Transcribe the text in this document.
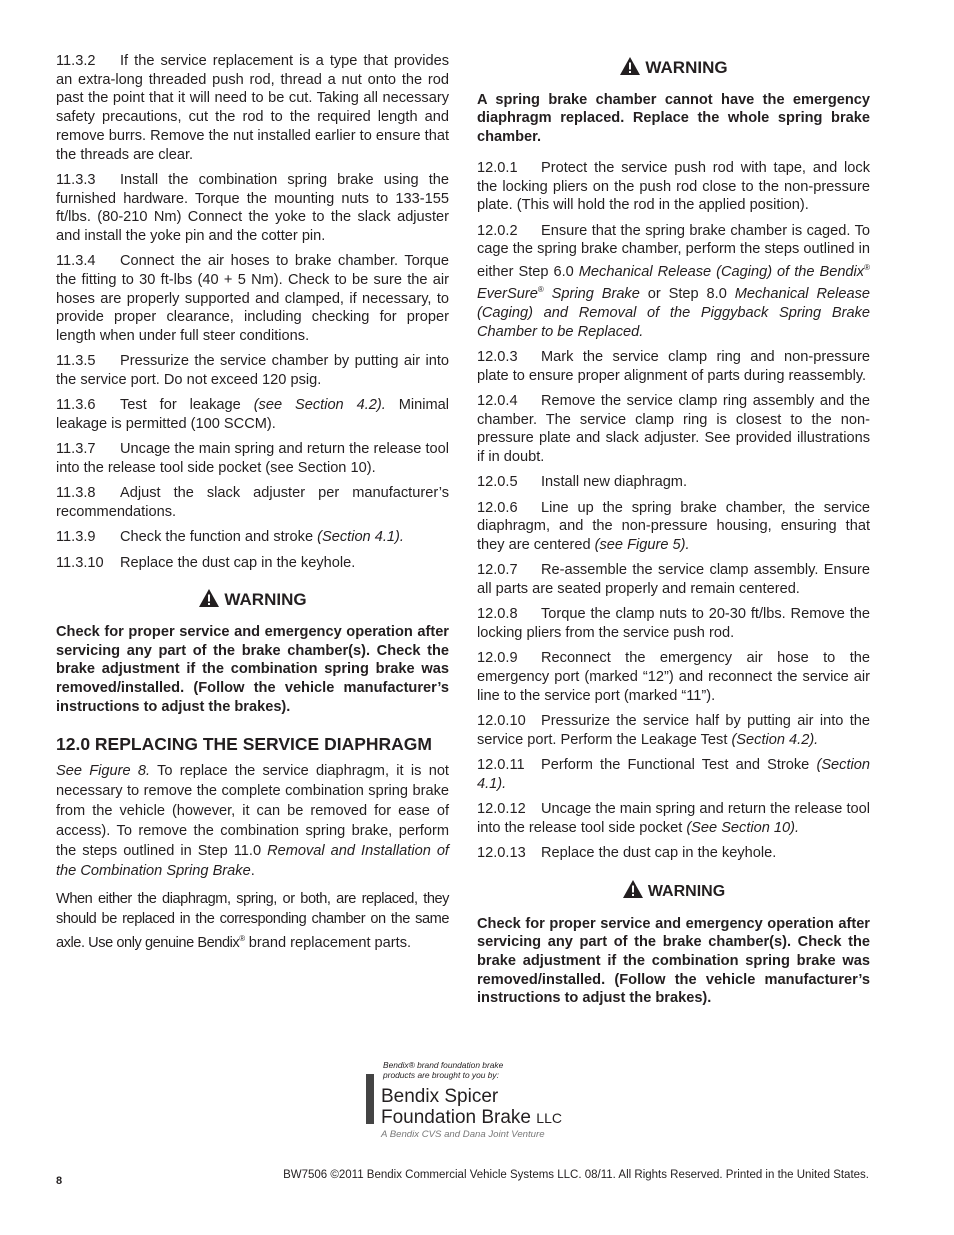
11.3.2 If the service replacement is a type that provides an extra-long threaded push rod, thread a nut onto the rod past the point that it will need to be cut. Taking all necessary safety precautions, cut the rod to the required length and remove burrs. Remove the nut installed earlier to ensure that the threads are clear.

11.3.3 Install the combination spring brake using the furnished hardware. Torque the mounting nuts to 133-155 ft/lbs. (80-210 Nm) Connect the yoke to the slack adjuster and install the yoke pin and the cotter pin.

11.3.4 Connect the air hoses to brake chamber. Torque the fitting to 30 ft-lbs (40 + 5 Nm). Check to be sure the air hoses are properly supported and clamped, if necessary, to provide proper clearance, including checking for proper length when under full steer conditions.

11.3.5 Pressurize the service chamber by putting air into the service port. Do not exceed 120 psig.

11.3.6 Test for leakage (see Section 4.2). Minimal leakage is permitted (100 SCCM).

11.3.7 Uncage the main spring and return the release tool into the release tool side pocket (see Section 10).

11.3.8 Adjust the slack adjuster per manufacturer’s recommendations.

11.3.9 Check the function and stroke (Section 4.1).

11.3.10 Replace the dust cap in the keyhole.

WARNING

Check for proper service and emergency operation after servicing any part of the brake chamber(s). Check the brake adjustment if the combination spring brake was removed/installed. (Follow the vehicle manufacturer’s instructions to adjust the brakes).

12.0 REPLACING THE SERVICE DIAPHRAGM

See Figure 8. To replace the service diaphragm, it is not necessary to remove the complete combination spring brake from the vehicle (however, it can be removed for ease of access). To remove the combination spring brake, perform the steps outlined in Step 11.0 Removal and Installation of the Combination Spring Brake.

When either the diaphragm, spring, or both, are replaced, they should be replaced in the corresponding chamber on the same axle. Use only genuine Bendix® brand replacement parts.

WARNING

A spring brake chamber cannot have the emergency diaphragm replaced. Replace the whole spring brake chamber.

12.0.1 Protect the service push rod with tape, and lock the locking pliers on the push rod close to the non-pressure plate. (This will hold the rod in the applied position).

12.0.2 Ensure that the spring brake chamber is caged. To cage the spring brake chamber, perform the steps outlined in either Step 6.0 Mechanical Release (Caging) of the Bendix® EverSure® Spring Brake or Step 8.0 Mechanical Release (Caging) and Removal of the Piggyback Spring Brake Chamber to be Replaced.

12.0.3 Mark the service clamp ring and non-pressure plate to ensure proper alignment of parts during reassembly.

12.0.4 Remove the service clamp ring assembly and the chamber. The service clamp ring is closest to the non-pressure plate and slack adjuster. See provided illustrations if in doubt.

12.0.5 Install new diaphragm.

12.0.6 Line up the spring brake chamber, the service diaphragm, and the non-pressure housing, ensuring that they are centered (see Figure 5).

12.0.7 Re-assemble the service clamp assembly. Ensure all parts are seated properly and remain centered.

12.0.8 Torque the clamp nuts to 20-30 ft/lbs. Remove the locking pliers from the service push rod.

12.0.9 Reconnect the emergency air hose to the emergency port (marked “12”) and reconnect the service air line to the service port (marked “11”).

12.0.10 Pressurize the service half by putting air into the service port. Perform the Leakage Test (Section 4.2).

12.0.11 Perform the Functional Test and Stroke (Section 4.1).

12.0.12 Uncage the main spring and return the release tool into the release tool side pocket (See Section 10).

12.0.13 Replace the dust cap in the keyhole.

WARNING

Check for proper service and emergency operation after servicing any part of the brake chamber(s). Check the brake adjustment if the combination spring brake was removed/installed. (Follow the vehicle manufacturer’s instructions to adjust the brakes).

Bendix® brand foundation brake
products are brought to you by:
Bendix Spicer
Foundation Brake LLC
A Bendix CVS and Dana Joint Venture
8	BW7506 ©2011 Bendix Commercial Vehicle Systems LLC. 08/11. All Rights Reserved. Printed in the United States.
